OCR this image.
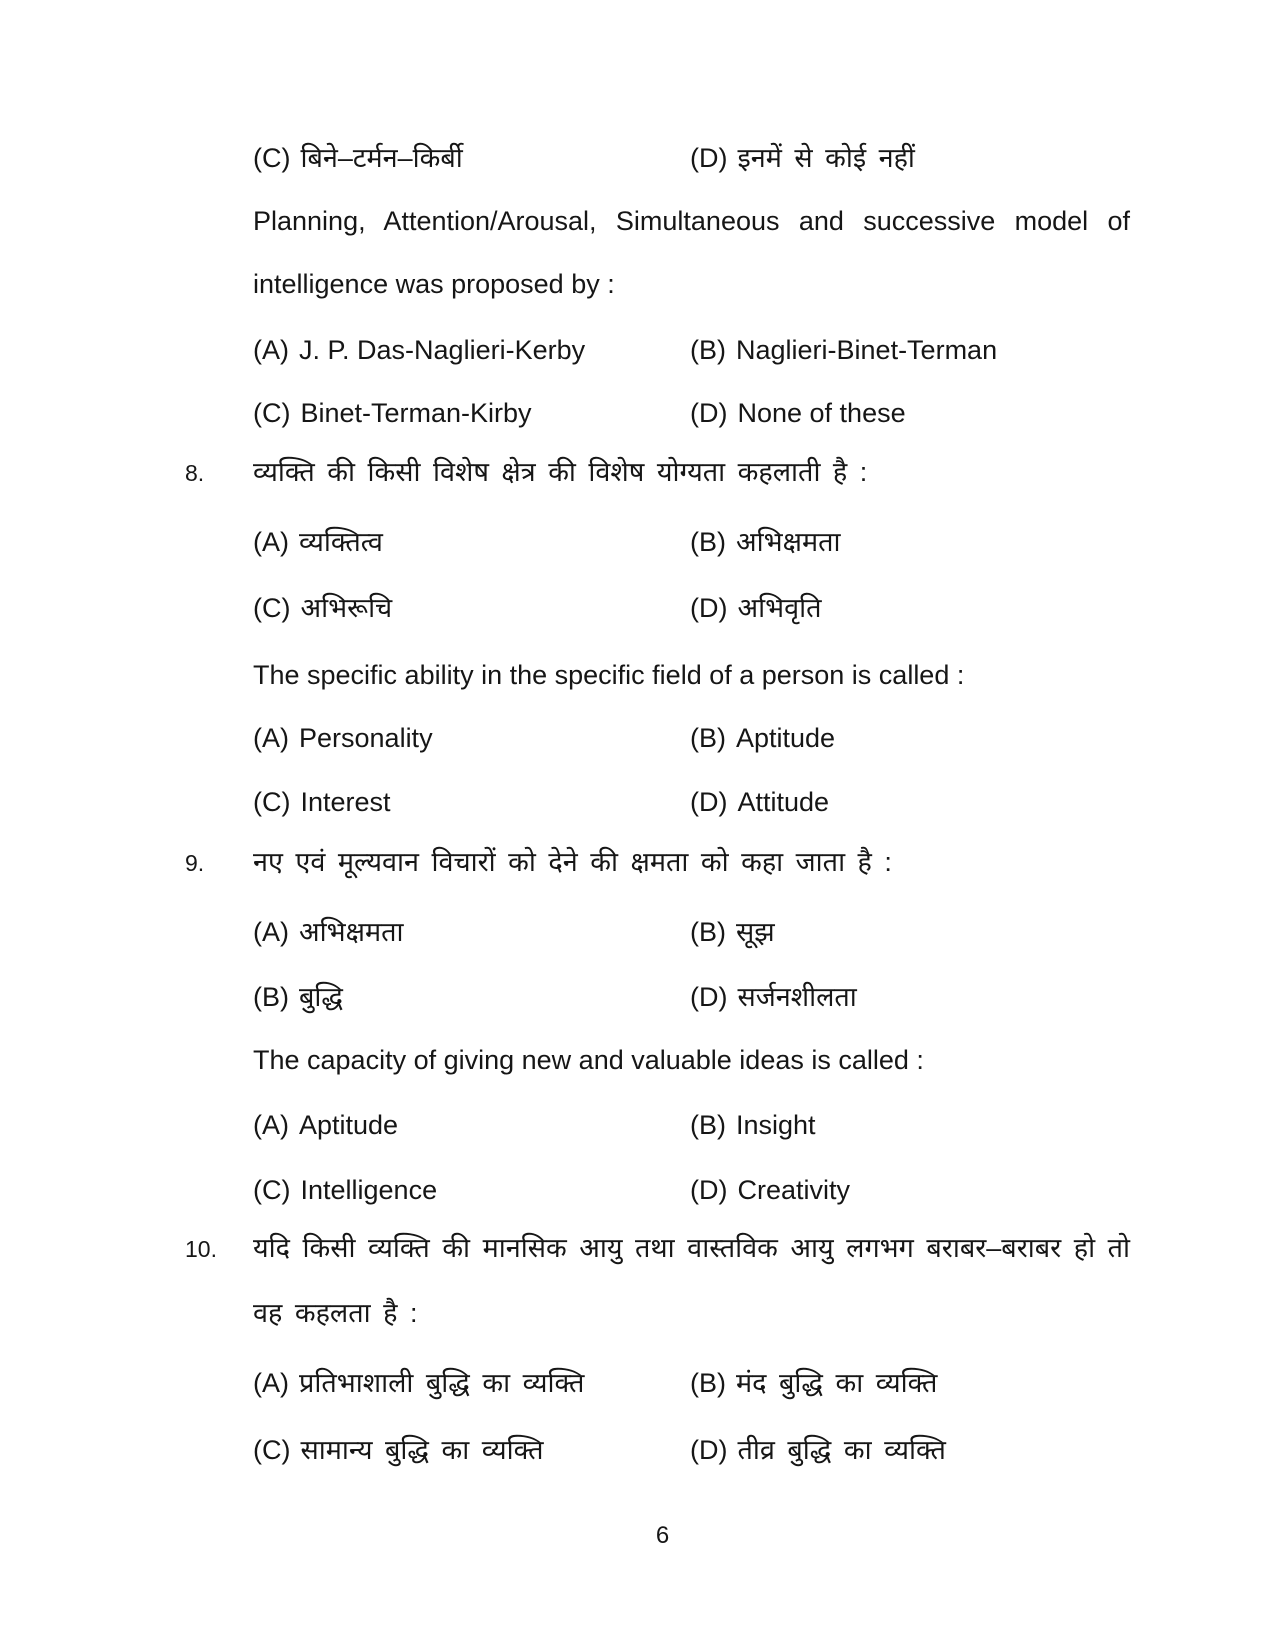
(C) बिने–टर्मन–किर्बी	(D) इनमें से कोई नहीं
Planning, Attention/Arousal, Simultaneous and successive model of
intelligence was proposed by :
(A) J. P. Das-Naglieri-Kerby	(B) Naglieri-Binet-Terman
(C) Binet-Terman-Kirby	(D) None of these
8. व्यक्ति की किसी विशेष क्षेत्र की विशेष योग्यता कहलाती है :
(A) व्यक्तित्व	(B) अभिक्षमता
(C) अभिरूचि	(D) अभिवृति
The specific ability in the specific field of a person is called :
(A) Personality	(B) Aptitude
(C) Interest	(D) Attitude
9. नए एवं मूल्यवान विचारों को देने की क्षमता को कहा जाता है :
(A) अभिक्षमता	(B) सूझ
(B) बुद्धि	(D) सर्जनशीलता
The capacity of giving new and valuable ideas is called :
(A) Aptitude	(B) Insight
(C) Intelligence	(D) Creativity
10. यदि किसी व्यक्ति की मानसिक आयु तथा वास्तविक आयु लगभग बराबर–बराबर हो तो
वह कहलता है :
(A) प्रतिभाशाली बुद्धि का व्यक्ति	(B) मंद बुद्धि का व्यक्ति
(C) सामान्य बुद्धि का व्यक्ति	(D) तीव्र बुद्धि का व्यक्ति
6
